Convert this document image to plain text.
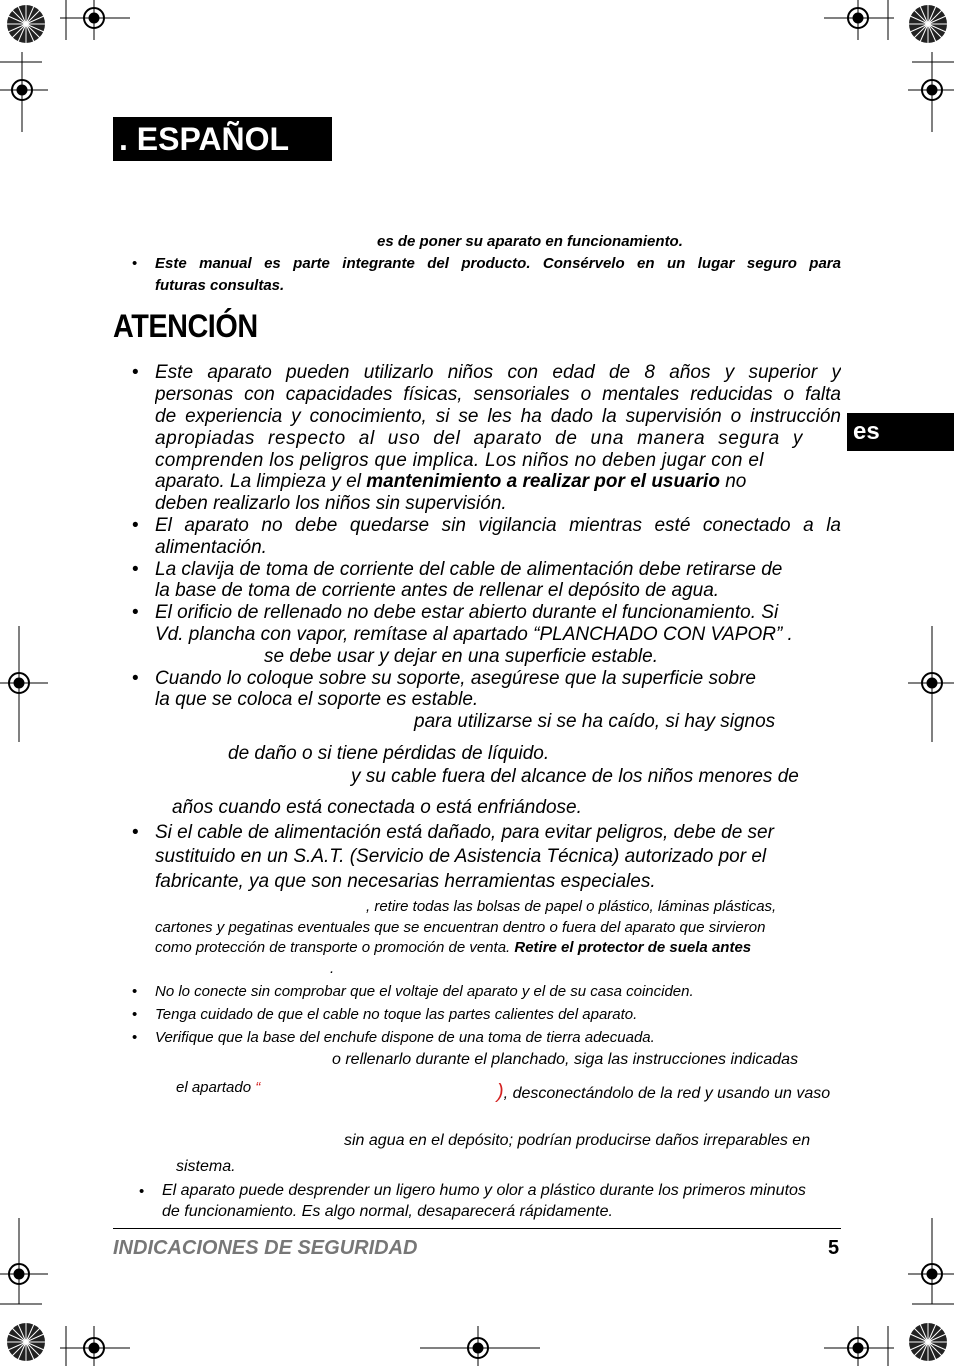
. ESPAÑOL
es
es de poner su aparato en funcionamiento.
• Este manual es parte integrante del producto. Consérvelo en un lugar seguro para
futuras consultas.
ATENCIÓN
• Este aparato pueden utilizarlo niños con edad de 8 años y superior y
personas con capacidades físicas, sensoriales o mentales reducidas o falta
de experiencia y conocimiento, si se les ha dado la supervisión o instrucción
apropiadas respecto al uso del aparato de una manera segura y
comprenden los peligros que implica. Los niños no deben jugar con el
aparato. La limpieza y el mantenimiento a realizar por el usuario no
deben realizarlo los niños sin supervisión.
• El aparato no debe quedarse sin vigilancia mientras esté conectado a la
alimentación.
• La clavija de toma de corriente del cable de alimentación debe retirarse de
la base de toma de corriente antes de rellenar el depósito de agua.
• El orificio de rellenado no debe estar abierto durante el funcionamiento. Si
Vd. plancha con vapor, remítase al apartado “PLANCHADO CON VAPOR” .
se debe usar y dejar en una superficie estable.
• Cuando lo coloque sobre su soporte, asegúrese que la superficie sobre
la que se coloca el soporte es estable.
para utilizarse si se ha caído, si hay signos
de daño o si tiene pérdidas de líquido.
y su cable fuera del alcance de los niños menores de
años cuando está conectada o está enfriándose.
• Si el cable de alimentación está dañado, para evitar peligros, debe de ser
sustituido en un S.A.T. (Servicio de Asistencia Técnica) autorizado por el
fabricante, ya que son necesarias herramientas especiales.
, retire todas las bolsas de papel o plástico, láminas plásticas,
cartones y pegatinas eventuales que se encuentran dentro o fuera del aparato que sirvieron
como protección de transporte o promoción de venta. Retire el protector de suela antes
.
• No lo conecte sin comprobar que el voltaje del aparato y el de su casa coinciden.
• Tenga cuidado de que el cable no toque las partes calientes del aparato.
• Verifique que la base del enchufe dispone de una toma de tierra adecuada.
o rellenarlo durante el planchado, siga las instrucciones indicadas
el apartado “	), desconectándolo de la red y usando un vaso
sin agua en el depósito; podrían producirse daños irreparables en
sistema.
• El aparato puede desprender un ligero humo y olor a plástico durante los primeros minutos
de funcionamiento. Es algo normal, desaparecerá rápidamente.
INDICACIONES DE SEGURIDAD	5
